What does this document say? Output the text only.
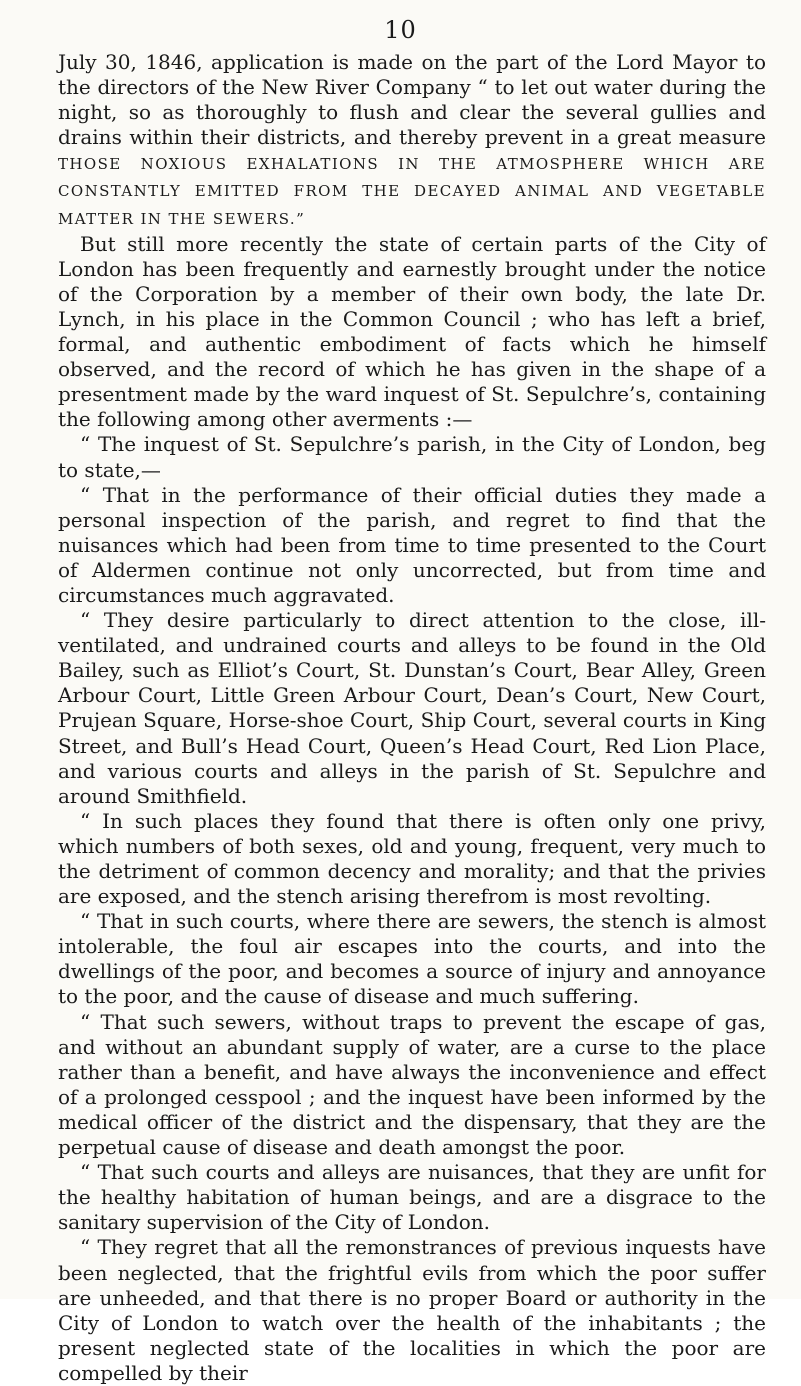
10

July 30, 1846, application is made on the part of the Lord Mayor to the directors of the New River Company “ to let out water during the night, so as thoroughly to flush and clear the several gullies and drains within their districts, and thereby prevent in a great measure THOSE NOXIOUS EXHALATIONS IN THE ATMOSPHERE WHICH ARE CONSTANTLY EMITTED FROM THE DECAYED ANIMAL AND VEGETABLE MATTER IN THE SEWERS.”

But still more recently the state of certain parts of the City of London has been frequently and earnestly brought under the notice of the Corporation by a member of their own body, the late Dr. Lynch, in his place in the Common Council ; who has left a brief, formal, and authentic embodiment of facts which he himself observed, and the record of which he has given in the shape of a presentment made by the ward inquest of St. Sepulchre’s, containing the following among other averments :—

“ The inquest of St. Sepulchre’s parish, in the City of London, beg to state,—

“ That in the performance of their official duties they made a personal inspection of the parish, and regret to find that the nuisances which had been from time to time presented to the Court of Aldermen continue not only uncorrected, but from time and circumstances much aggravated.

“ They desire particularly to direct attention to the close, ill-ventilated, and undrained courts and alleys to be found in the Old Bailey, such as Elliot’s Court, St. Dunstan’s Court, Bear Alley, Green Arbour Court, Little Green Arbour Court, Dean’s Court, New Court, Prujean Square, Horse-shoe Court, Ship Court, several courts in King Street, and Bull’s Head Court, Queen’s Head Court, Red Lion Place, and various courts and alleys in the parish of St. Sepulchre and around Smithfield.

“ In such places they found that there is often only one privy, which numbers of both sexes, old and young, frequent, very much to the detriment of common decency and morality; and that the privies are exposed, and the stench arising therefrom is most revolting.

“ That in such courts, where there are sewers, the stench is almost intolerable, the foul air escapes into the courts, and into the dwellings of the poor, and becomes a source of injury and annoyance to the poor, and the cause of disease and much suffering.

“ That such sewers, without traps to prevent the escape of gas, and without an abundant supply of water, are a curse to the place rather than a benefit, and have always the inconvenience and effect of a prolonged cesspool ; and the inquest have been informed by the medical officer of the district and the dispensary, that they are the perpetual cause of disease and death amongst the poor.

“ That such courts and alleys are nuisances, that they are unfit for the healthy habitation of human beings, and are a disgrace to the sanitary supervision of the City of London.

“ They regret that all the remonstrances of previous inquests have been neglected, that the frightful evils from which the poor suffer are unheeded, and that there is no proper Board or authority in the City of London to watch over the health of the inhabitants ; the present neglected state of the localities in which the poor are compelled by their
